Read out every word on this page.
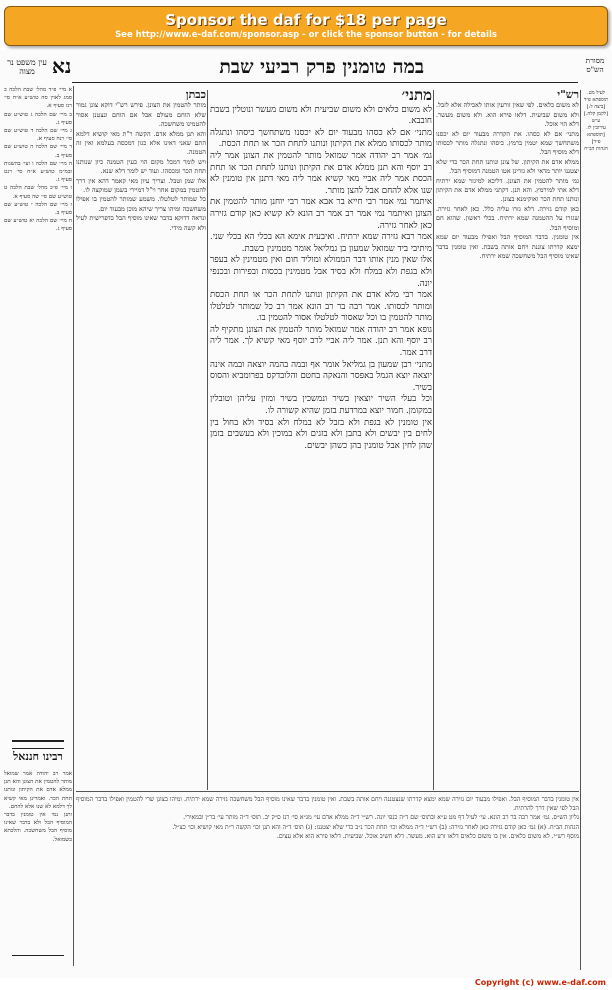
Sponsor the daf for $18 per page
See http://www.e-daf.com/sponsor.asp - or click the sponsor button - for details
במה טומנין פרק רביעי שבת
נא
עין משפט נר מצוה
מסורת הש"ס
מתני׳

לא משום כלאים ולא משום שביעית ולא משום מעשר ונוטלין בשבת חובבא.

מתני׳ אם לא כסהו מבעוד יום לא יכסנו משתחשך כיסהו ונתגלה מותר לכסותו ממלא את הקיתון ונותנו לתחת הכר או תחת הכסת.

גמ׳ אמר רב יהודה אמר שמואל מותר להטמין את הצונן אמר ליה רב יוסף והא תנן ממלא אדם את הקיתון ונותנו לתחת הכר או תחת הכסת אמר ליה אביי מאי קשיא אמר ליה מאי דתנן אין טומנין לא שנו אלא להחם אבל להצן מותר.

איתמר נמי אמר רבי חייא בר אבא אמר רבי יוחנן מותר להטמין את הצונן ואיתמר נמי אמר רב אמר רב הונא לא קשיא כאן קודם גזירה כאן לאחר גזירה.

אמר רבא גזירה שמא ירתיח. ואיבעית אימא הא בכלי הא בכלי שני. מיתיבי ביד שמואל שמעון בן גמליאל אומר מטמינין בשבת.

אלו שאין מנין אותו דבר הממולא ומוליד חום ואין מטמינין לא בעפר ולא בגפת ולא במלח ולא בסיד אבל מטמינין בכסות ובפירות ובכנפי יונה.

אמר רבי מלא אדם את הקיתון ונותנו לתחת הכר או תחת הכסת ומותר לכסותו. אמר רבה בר רב הונא אמר רב כל שמותר לטלטלו מותר להטמין בו וכל שאסור לטלטלו אסור להטמין בו.

גופא אמר רב יהודה אמר שמואל מותר להטמין את הצונן מתקיף לה רב יוסף והא תנן. אמר ליה אביי לרב יוסף מאי קשיא לך. אמר ליה דרב אמר.

מתני׳ רבן שמעון בן גמליאל אומר אף ובמה בהמה יוצאה ובמה אינה יוצאה יוצא הגמל באפסר והנאקה בחטם והלובדקס בפרומביא והסוס בשיר.

וכל בעלי השיר יוצאין בשיר ונמשכין בשיר ומזין עליהן וטובלין במקומן. חמור יוצא במרדעת בזמן שהיא קשורה לו.

אין טומנין לא בגפת ולא בזבל לא במלח ולא בסיד ולא בחול בין לחים בין יבשים ולא בתבן ולא בזגים ולא במוכין ולא בעשבים בזמן שהן לחין אבל טומנין בהן כשהן יבשים.

רש"י

לא משום כלאים. לפי שאין זורעין אותו לאכילה אלא לזבל. ולא משום שביעית. דלאו פירא הוא. ולא משום מעשר. דלא הוי אוכל.

מתני׳ אם לא כסהו. את הקדרה מבעוד יום לא יכסנו משתחשך שמא יטמין ברמץ. כיסהו ונתגלה מותר לכסותו דלא מוסיף הבל.

ממלא אדם את הקיתון. של צונן ונותנו תחת הכר כדי שלא יצטננו יותר מדאי ולא גזרינן אטו הטמנה דמוסיף הבל.

גמ׳ מותר להטמין את הצונן. דליכא למיגזר שמא ירתיח דלא אתי למירמץ. והא תנן. דקתני ממלא אדם את הקיתון ונותנו תחת הכר ואוקימנא בצונן.

כאן קודם גזירה. דלא גזרו עליה כלל. כאן לאחר גזירה. שגזרו על ההטמנה שמא ירתיח. בכלי ראשון. שהוא חם ומוסיף הבל.

אין טומנין. בדבר המוסיף הבל ואפילו מבעוד יום שמא ימצא קדרתו צוננת ויחם אותה בשבת. ואין טומנין בדבר שאינו מוסיף הבל משחשכה שמא ירתיח.

כבתן

מותר להטמין את הצונן. פירש רש"י דוקא צונן גמור שלא הוחם מעולם אבל אם הוחם ונצטנן אסור להטמינו משחשכה.

והא תנן ממלא אדם. הקשה ר"ת מאי קושיא דלמא התם שאני דאינו אלא כגון דמכסה בעלמא ואין זה הטמנה.

ויש לומר דמכל מקום הוי כעין הטמנה כיון שנותנו תחת הכר ומכסהו. ועוד יש לומר דלא שנא.

אלו שמן וטבל. וצריך עיון מאי קאמר דהא אין דרך להטמין במקום אחר וי"ל דמיירי בשמן שמוקצה לו.

כל שמותר לטלטלו. משמע שמותר להטמין בו אפילו משחשכה ומיהו צריך שיהא מוכן מבעוד יום.

ונראה דדוקא בדבר שאינו מוסיף הבל כדפרישית לעיל ולא קשה מידי.

א מיי׳ פ״ד מהל׳ שבת הלכה ב סמג לאוין סה טוש״ע א״ח סי׳ רנז סעיף א.

ב מיי׳ שם הלכה ג טוש״ע שם סעיף ג.

ג מיי׳ שם הלכה ד טוש״ע שם סי׳ רנח סעיף א.

ד מיי׳ שם הלכה ה טוש״ע שם סעיף ב.

ה מיי׳ שם הלכה ו ועי׳ בהשגות ובמ״מ טוש״ע א״ח סי׳ רנט סעיף ג.

ו מיי׳ פ״כ מהל׳ שבת הלכה ט טוש״ע שם סי׳ שה סעיף א.

ז מיי׳ שם הלכה י טוש״ע שם סעיף ב.

ח מיי׳ שם הלכה יא טוש״ע שם סעיף ג.

רבינו חננאל

אמר רב יהודה אמר שמואל מותר להטמין את הצונן והא תנן ממלא אדם את הקיתון ונותנו תחת הכר. ואמרינן מאי קשיא לך דלמא לא שנו אלא להחם.

ותנן נמי אין טומנין בדבר המוסיף הבל ולא בדבר שאינו מוסיף הבל משחשכה. והלכתא כשמואל.

אין טומנין בדבר המוסיף הבל. ואפילו מבעוד יום גזירה שמא ימצא קדרתו שנצטננה ויחם אותה בשבת. ואין טומנין בדבר שאינו מוסיף הבל משחשכה גזירה שמא ירתיח. ומיהו בצונן שרי להטמין ואפילו בדבר המוסיף הבל לפי שאין דרך להרתיח.

גליון הש״ס. גמ׳ אמר רבה בר רב הונא. עי׳ לעיל דף מט ע״א ובתוס׳ שם ד״ה כנפי יונה. רש״י ד״ה ממלא אדם עי׳ מג״א סי׳ רנז ס״ק יב. תוס׳ ד״ה מותר עי׳ בר״ן ובמאירי.

הגהות הב״ח. (א) גמ׳ כאן קודם גזירה כאן לאחר גזירה: (ב) רש״י ד״ה ממלא וכו׳ תחת הכר נ״ב כדי שלא יצטננו: (ג) תוס׳ ד״ה והא תנן וכו׳ הקשה ר״ת מאי קושיא וכו׳ כצ״ל.

מוסף רש״י. לא משום כלאים. אין בו משום כלאים דלאו זרע הוא. מעשר. דלא חשיב אוכל. שביעית. דלאו פירא הוא אלא עצים.

לעיל מט.

תוספתא פ״ד

[ביצה ל:]

[לקמן קלה.]

ע״ש

עירובין לו.

[תוספתא פ״ד]

הגהות הב״ח

Copyright (c) www.e-daf.com
